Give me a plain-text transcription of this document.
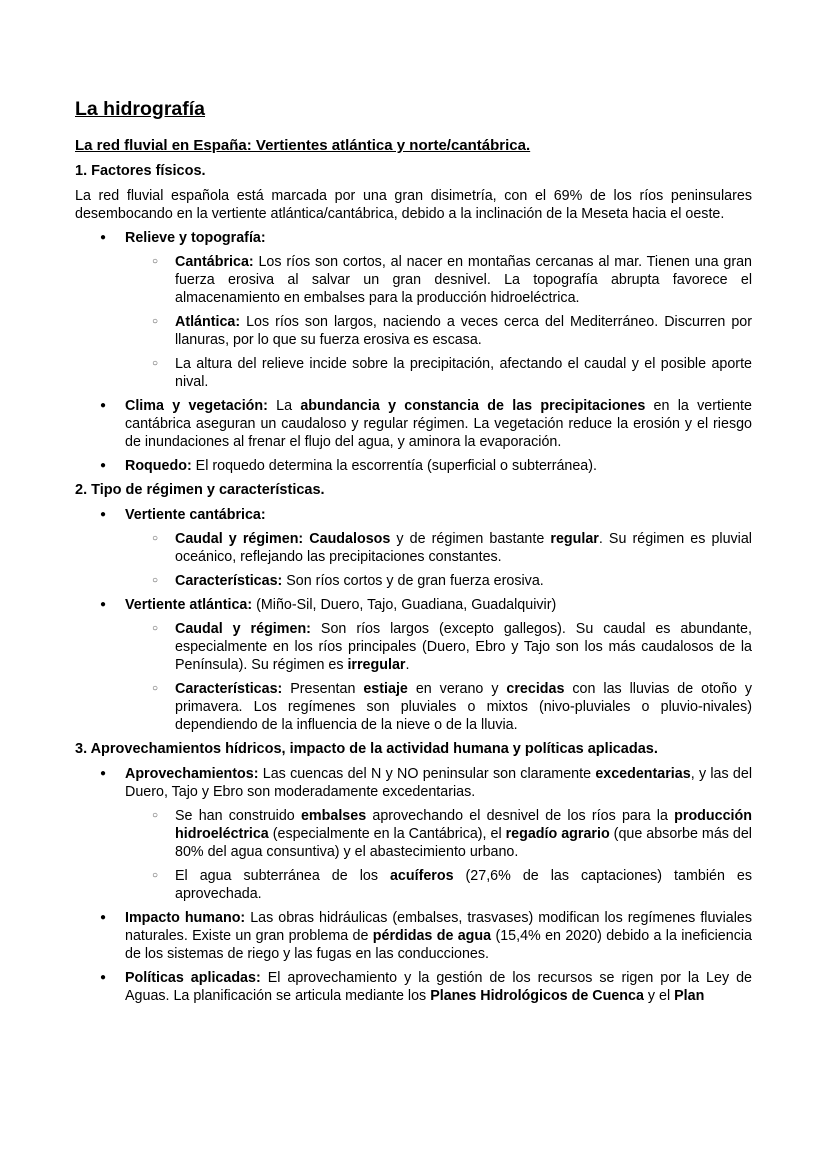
La hidrografía
La red fluvial en España: Vertientes atlántica y norte/cantábrica.
1. Factores físicos.
La red fluvial española está marcada por una gran disimetría, con el 69% de los ríos peninsulares desembocando en la vertiente atlántica/cantábrica, debido a la inclinación de la Meseta hacia el oeste.
● Relieve y topografía:
○ Cantábrica: Los ríos son cortos, al nacer en montañas cercanas al mar. Tienen una gran fuerza erosiva al salvar un gran desnivel. La topografía abrupta favorece el almacenamiento en embalses para la producción hidroeléctrica.
○ Atlántica: Los ríos son largos, naciendo a veces cerca del Mediterráneo. Discurren por llanuras, por lo que su fuerza erosiva es escasa.
○ La altura del relieve incide sobre la precipitación, afectando el caudal y el posible aporte nival.
● Clima y vegetación: La abundancia y constancia de las precipitaciones en la vertiente cantábrica aseguran un caudaloso y regular régimen. La vegetación reduce la erosión y el riesgo de inundaciones al frenar el flujo del agua, y aminora la evaporación.
● Roquedo: El roquedo determina la escorrentía (superficial o subterránea).
2. Tipo de régimen y características.
● Vertiente cantábrica:
○ Caudal y régimen: Caudalosos y de régimen bastante regular. Su régimen es pluvial oceánico, reflejando las precipitaciones constantes.
○ Características: Son ríos cortos y de gran fuerza erosiva.
● Vertiente atlántica: (Miño-Sil, Duero, Tajo, Guadiana, Guadalquivir)
○ Caudal y régimen: Son ríos largos (excepto gallegos). Su caudal es abundante, especialmente en los ríos principales (Duero, Ebro y Tajo son los más caudalosos de la Península). Su régimen es irregular.
○ Características: Presentan estiaje en verano y crecidas con las lluvias de otoño y primavera. Los regímenes son pluviales o mixtos (nivo-pluviales o pluvio-nivales) dependiendo de la influencia de la nieve o de la lluvia.
3. Aprovechamientos hídricos, impacto de la actividad humana y políticas aplicadas.
● Aprovechamientos: Las cuencas del N y NO peninsular son claramente excedentarias, y las del Duero, Tajo y Ebro son moderadamente excedentarias.
○ Se han construido embalses aprovechando el desnivel de los ríos para la producción hidroeléctrica (especialmente en la Cantábrica), el regadío agrario (que absorbe más del 80% del agua consuntiva) y el abastecimiento urbano.
○ El agua subterránea de los acuíferos (27,6% de las captaciones) también es aprovechada.
● Impacto humano: Las obras hidráulicas (embalses, trasvases) modifican los regímenes fluviales naturales. Existe un gran problema de pérdidas de agua (15,4% en 2020) debido a la ineficiencia de los sistemas de riego y las fugas en las conducciones.
● Políticas aplicadas: El aprovechamiento y la gestión de los recursos se rigen por la Ley de Aguas. La planificación se articula mediante los Planes Hidrológicos de Cuenca y el Plan
